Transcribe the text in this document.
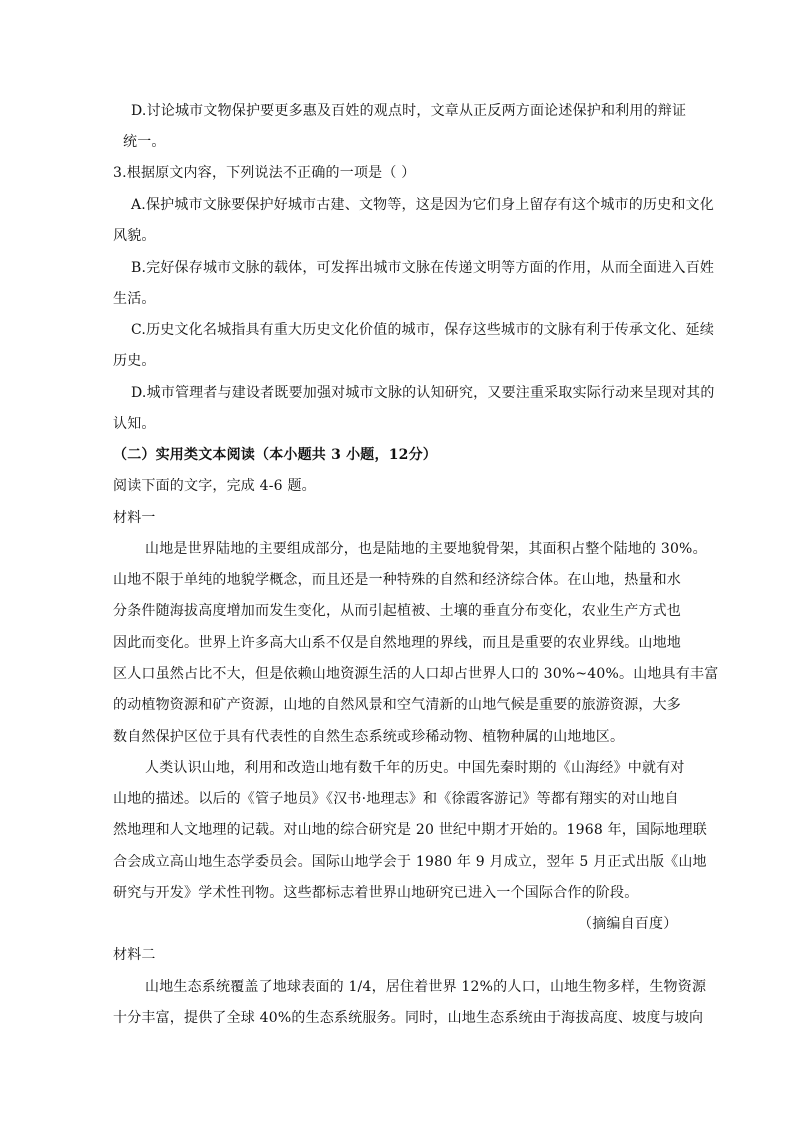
D.讨论城市文物保护要更多惠及百姓的观点时，文章从正反两方面论述保护和利用的辩证
统一。
3.根据原文内容，下列说法不正确的一项是（ ）
A.保护城市文脉要保护好城市古建、文物等，这是因为它们身上留存有这个城市的历史和文化
风貌。
B.完好保存城市文脉的载体，可发挥出城市文脉在传递文明等方面的作用，从而全面进入百姓
生活。
C.历史文化名城指具有重大历史文化价值的城市，保存这些城市的文脉有利于传承文化、延续
历史。
D.城市管理者与建设者既要加强对城市文脉的认知研究，又要注重采取实际行动来呈现对其的
认知。
（二）实用类文本阅读（本小题共 3 小题，12分）
阅读下面的文字，完成 4-6 题。
材料一
山地是世界陆地的主要组成部分，也是陆地的主要地貌骨架，其面积占整个陆地的 30%。
山地不限于单纯的地貌学概念，而且还是一种特殊的自然和经济综合体。在山地，热量和水
分条件随海拔高度增加而发生变化，从而引起植被、土壤的垂直分布变化，农业生产方式也
因此而变化。世界上许多高大山系不仅是自然地理的界线，而且是重要的农业界线。山地地
区人口虽然占比不大，但是依赖山地资源生活的人口却占世界人口的 30%~40%。山地具有丰富
的动植物资源和矿产资源，山地的自然风景和空气清新的山地气候是重要的旅游资源，大多
数自然保护区位于具有代表性的自然生态系统或珍稀动物、植物种属的山地地区。
人类认识山地，利用和改造山地有数千年的历史。中国先秦时期的《山海经》中就有对
山地的描述。以后的《管子地员》《汉书·地理志》和《徐霞客游记》等都有翔实的对山地自
然地理和人文地理的记载。对山地的综合研究是 20 世纪中期才开始的。1968 年，国际地理联
合会成立高山地生态学委员会。国际山地学会于 1980 年 9 月成立，翌年 5 月正式出版《山地
研究与开发》学术性刊物。这些都标志着世界山地研究已进入一个国际合作的阶段。
（摘编自百度）
材料二
山地生态系统覆盖了地球表面的 1/4，居住着世界 12%的人口，山地生物多样，生物资源
十分丰富，提供了全球 40%的生态系统服务。同时，山地生态系统由于海拔高度、坡度与坡向
